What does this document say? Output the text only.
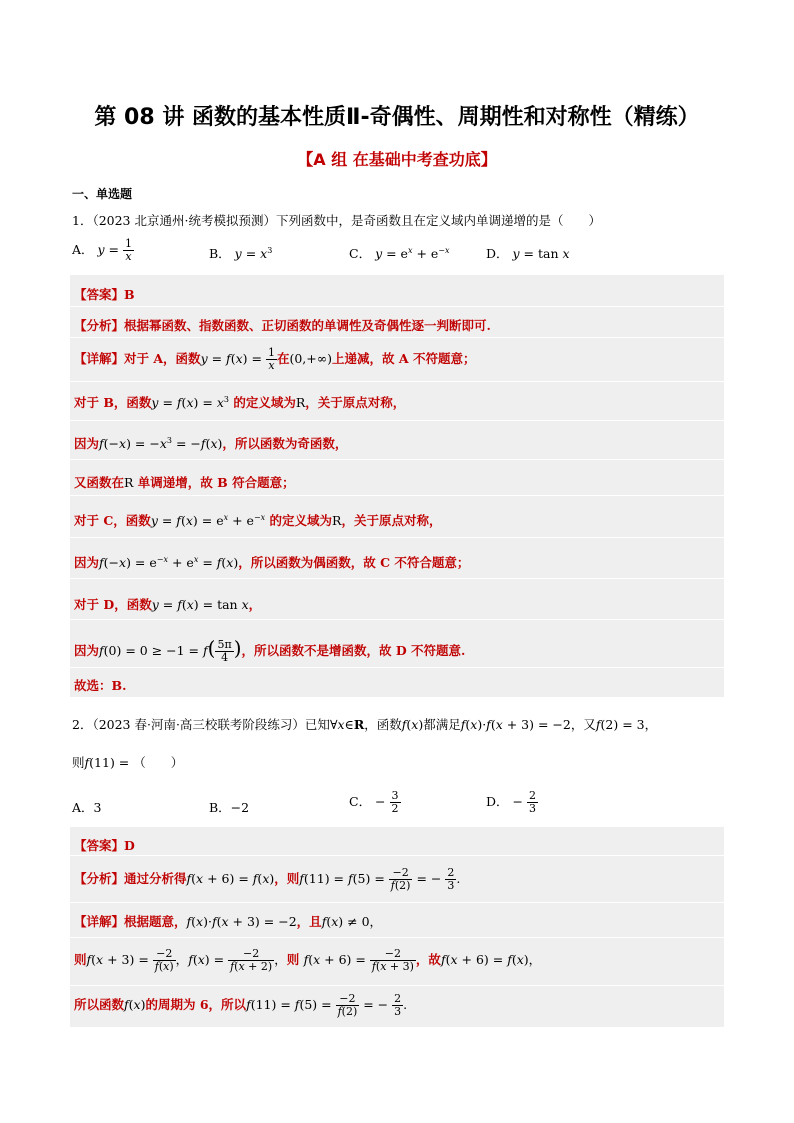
第 08 讲 函数的基本性质Ⅱ-奇偶性、周期性和对称性（精练）
【A 组 在基础中考查功底】
一、单选题
1．（2023 北京通州·统考模拟预测）下列函数中，是奇函数且在定义域内单调递增的是（　　）
A． $y = \frac{1}{x}$	B． $y = x^3$	C． $y = e^x + e^{-x}$	D． y = tan x
【答案】B
【分析】根据幂函数、指数函数、正切函数的单调性及奇偶性逐一判断即可.
【详解】对于 A，函数$y = f(x) = \frac{1}{x}$ 在(0,+∞)上递减，故 A 不符题意；
对于 B，函数$y = f(x) = x^3$ 的定义域为R，关于原点对称，
因为$f(-x) = -x^3 = -f(x)$，所以函数为奇函数，
又函数在R 单调递增，故 B 符合题意；
对于 C，函数$y = f(x) = e^x + e^{-x}$ 的定义域为R，关于原点对称，
因为$f(-x) = e^{-x} + e^x = f(x)$，所以函数为偶函数，故 C 不符合题意；
对于 D，函数y = f(x) = tan x，
因为$f(0) = 0 \ge -1 = f( \frac{5\pi}{4}$ )，所以函数不是增函数，故 D 不符题意.
故选：B.
2．（2023 春·河南·高三校联考阶段练习）已知∀x∈R，函数f(x)都满足f(x)·f(x + 3) = −2，又f(2) = 3，
则f(11) = （　　）
A．3	B．−2	C． − $\frac{3}{2}$	D． − $\frac{2}{3}$
【答案】D
【分析】通过分析得f(x + 6) = f(x)，则$f(11) = f(5) = \frac{-2}{f(2)}$ = − $\frac{2}{3}$ .
【详解】根据题意，f(x)·f(x + 3) = −2，且f(x) ≠ 0，
则$f(x + 3) = \frac{-2}{f(x)}$ ，$f(x) = \frac{-2}{f(x + 2)}$ ，则 $f(x + 6) = \frac{-2}{f(x + 3)}$ ，故f(x + 6) = f(x)，
所以函数f(x)的周期为 6，所以$f(11) = f(5) = \frac{-2}{f(2)}$ = − $\frac{2}{3}$ .
